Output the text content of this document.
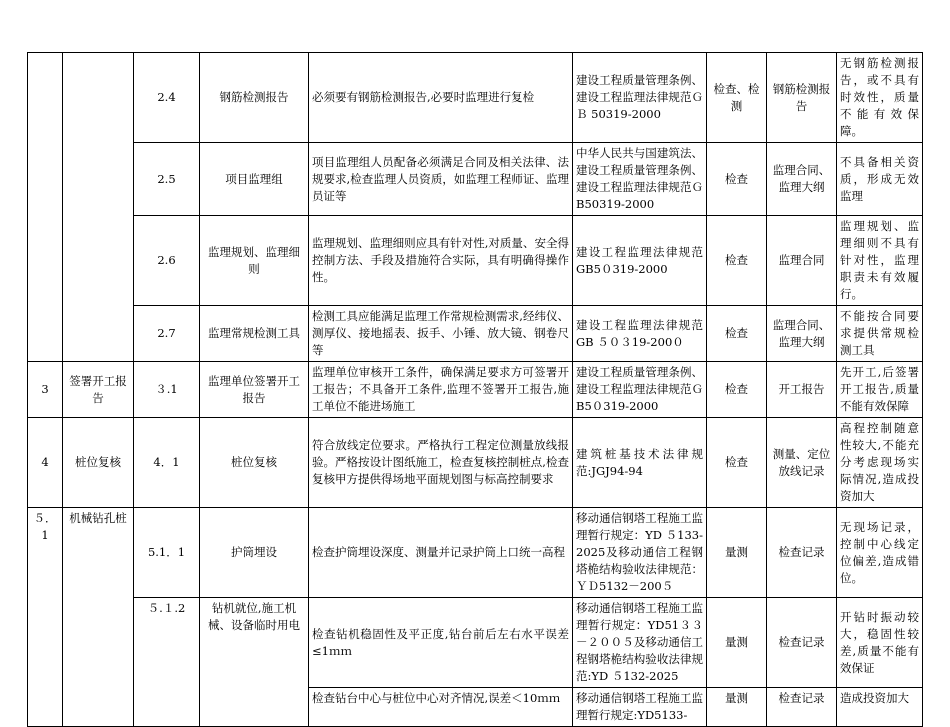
		2.4	钢筋检测报告	必须要有钢筋检测报告,必要时监理进行复检	建设工程质量管理条例、建设工程监理法律规范ＧＢ 50319-2000	检查、检测	钢筋检测报告	无钢筋检测报告，或不具有时效性，质量不能有效保障。
		2.5	项目监理组	项目监理组人员配备必须满足合同及相关法律、法规要求,检查监理人员资质，如监理工程师证、监理员证等	中华人民共与国建筑法、建设工程质量管理条例、建设工程监理法律规范ＧB50319-2000	检查	监理合同、监理大纲	不具备相关资质，形成无效监理
		2.6	监理规划、监理细则	监理规划、监理细则应具有针对性,对质量、安全得控制方法、手段及措施符合实际，具有明确得操作性。	建设工程监理法律规范GB5０319-2000	检查	监理合同	监理规划、监理细则不具有针对性，监理职责未有效履行。
		2.7	监理常规检测工具	检测工具应能满足监理工作常规检测需求,经纬仪、测厚仪、接地摇表、扳手、小锤、放大镜、钢卷尺等	建设工程监理法律规范GB ５０３19-200０	检查	监理合同、监理大纲	不能按合同要求提供常规检测工具
3	签署开工报告	３.1	监理单位签署开工报告	监理单位审核开工条件，确保满足要求方可签署开工报告；不具备开工条件,监理不签署开工报告,施工单位不能进场施工	建设工程质量管理条例、建设工程监理法律规范ＧB5０319-2000	检查	开工报告	先开工,后签署开工报告,质量不能有效保障
4	桩位复核	4．1	桩位复核	符合放线定位要求。严格执行工程定位测量放线报验。严格按设计图纸施工，检查复核控制桩点,检查复核甲方提供得场地平面规划图与标高控制要求	建筑桩基技术法律规范:JGJ94-94	检查	测量、定位放线记录	高程控制随意性较大,不能充分考虑现场实际情况,造成投资加大
５．1	机械钻孔桩	5.1．1	护筒埋设	检查护筒埋设深度、测量并记录护筒上口统一高程	移动通信钢塔工程施工监理暂行规定：YD ５133-2025及移动通信工程钢塔桅结构验收法律规范：ＹＤ5132－200５	量测	检查记录	无现场记录，控制中心线定位偏差,造成错位。
		５.１.2	钻机就位,施工机械、设备临时用电	检查钻机稳固性及平正度,钻台前后左右水平误差≤1ｍｍ	移动通信钢塔工程施工监理暂行规定：YD51３３－２００５及移动通信工程钢塔桅结构验收法律规范:YD ５132-2025	量测	检查记录	开钻时振动较大，稳固性较差,质量不能有效保证
				检查钻台中心与桩位中心对齐情况,误差＜10ｍｍ	移动通信钢塔工程施工监理暂行规定:YD5133-	量测	检查记录	造成投资加大
